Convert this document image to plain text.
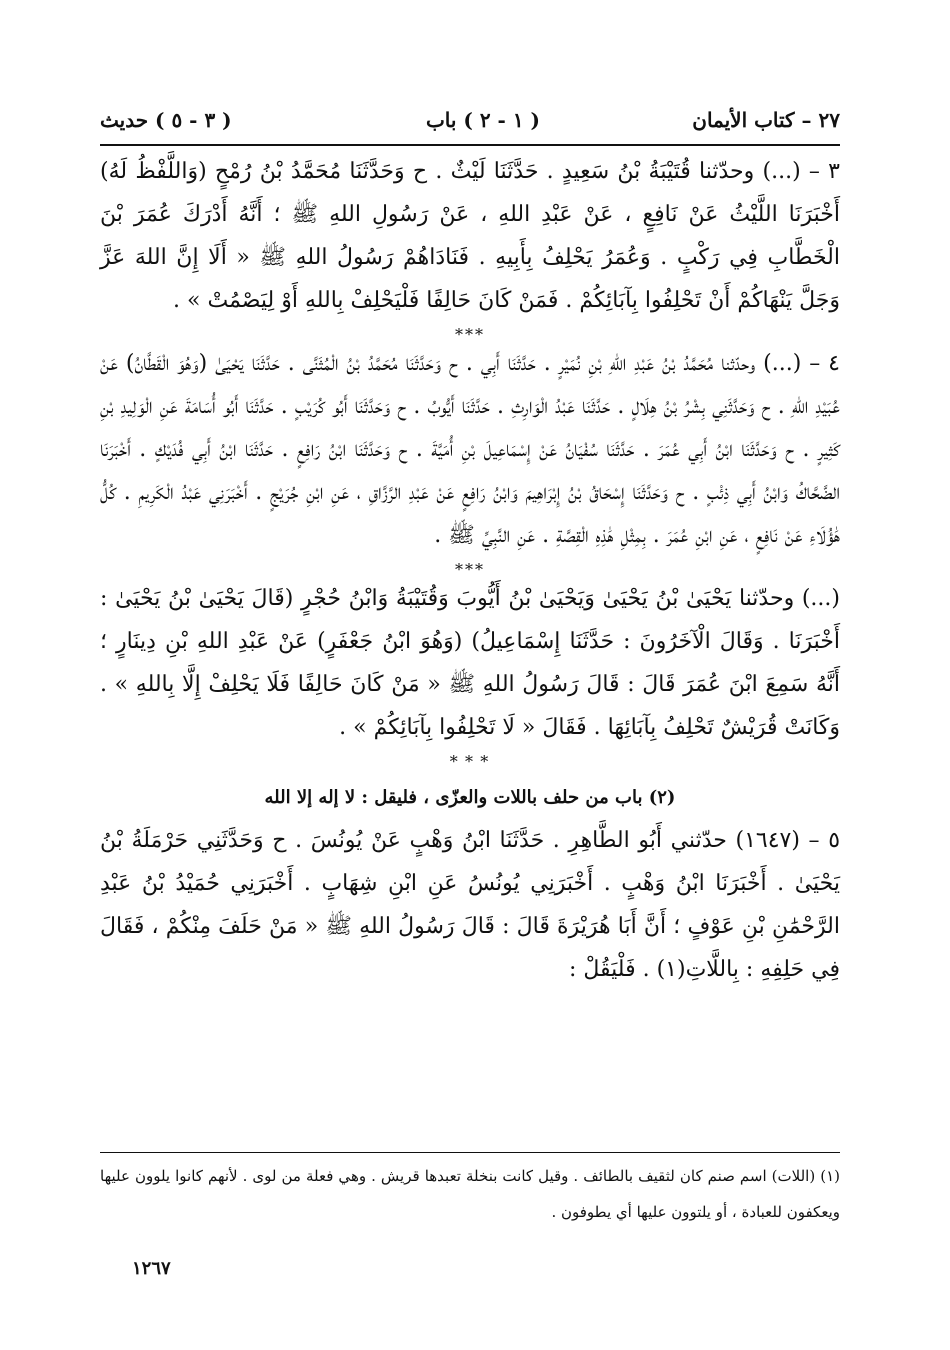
٢٧ – كتاب الأيمان
( ١ - ٢ ) باب
( ٣ - ٥ ) حديث

٣ – (...) وحدّثنا قُتَيْبَةُ بْنُ سَعِيدٍ . حَدَّثَنَا لَيْثٌ . ح وَحَدَّثَنَا مُحَمَّدُ بْنُ رُمْحٍ (وَاللَّفْظُ لَهُ) أَخْبَرَنَا اللَّيْثُ عَنْ نَافِعٍ ، عَنْ عَبْدِ اللهِ ، عَنْ رَسُولِ اللهِ ﷺ ؛ أَنَّهُ أَدْرَكَ عُمَرَ بْنَ الْخَطَّابِ فِي رَكْبٍ . وَعُمَرُ يَحْلِفُ بِأَبِيهِ . فَنَادَاهُمْ رَسُولُ اللهِ ﷺ « أَلَا إِنَّ اللهَ عَزَّ وَجَلَّ يَنْهَاكُمْ أَنْ تَحْلِفُوا بِآبَائِكُمْ . فَمَنْ كَانَ حَالِفًا فَلْيَحْلِفْ بِاللهِ أَوْ لِيَصْمُتْ » .

***

٤ – (...) وحدّثنا مُحَمَّدُ بْنُ عَبْدِ اللهِ بْنِ نُمَيْرٍ . حَدَّثَنَا أَبِي . ح وَحَدَّثَنَا مُحَمَّدُ بْنُ الْمُثَنَّى . حَدَّثَنَا يَحْيَىٰ (وَهُوَ الْقَطَّانُ) عَنْ عُبَيْدِ اللهِ . ح وَحَدَّثَنِي بِشْرُ بْنُ هِلَالٍ . حَدَّثَنَا عَبْدُ الْوَارِثِ . حَدَّثَنَا أَيُّوبُ . ح وَحَدَّثَنَا أَبُو كُرَيْبٍ . حَدَّثَنَا أَبُو أُسَامَةَ عَنِ الْوَلِيدِ بْنِ كَثِيرٍ . ح وَحَدَّثَنَا ابْنُ أَبِي عُمَرَ . حَدَّثَنَا سُفْيَانُ عَنْ إِسْمَاعِيلَ بْنِ أُمَيَّةَ . ح وَحَدَّثَنَا ابْنُ رَافِعٍ . حَدَّثَنَا ابْنُ أَبِي فُدَيْكٍ . أَخْبَرَنَا الضَّحَّاكُ وَابْنُ أَبِي ذِئْبٍ . ح وَحَدَّثَنَا إِسْحَاقُ بْنُ إِبْرَاهِيمَ وَابْنُ رَافِعٍ عَنْ عَبْدِ الرَّزَّاقِ ، عَنِ ابْنِ جُرَيْجٍ . أَخْبَرَنِي عَبْدُ الْكَرِيمِ . كُلُّ هَٰؤُلَاءِ عَنْ نَافِعٍ ، عَنِ ابْنِ عُمَرَ . بِمِثْلِ هَٰذِهِ الْقِصَّةِ . عَنِ النَّبِيِّ ﷺ .

***

(...) وحدّثنا يَحْيَىٰ بْنُ يَحْيَىٰ وَيَحْيَىٰ بْنُ أَيُّوبَ وَقُتَيْبَةُ وَابْنُ حُجْرٍ (قَالَ يَحْيَىٰ بْنُ يَحْيَىٰ : أَخْبَرَنَا . وَقَالَ الْآخَرُونَ : حَدَّثَنَا إِسْمَاعِيلُ) (وَهُوَ ابْنُ جَعْفَرٍ) عَنْ عَبْدِ اللهِ بْنِ دِينَارٍ ؛ أَنَّهُ سَمِعَ ابْنَ عُمَرَ قَالَ : قَالَ رَسُولُ اللهِ ﷺ « مَنْ كَانَ حَالِفًا فَلَا يَحْلِفْ إِلَّا بِاللهِ » . وَكَانَتْ قُرَيْشٌ تَحْلِفُ بِآبَائِهَا . فَقَالَ « لَا تَحْلِفُوا بِآبَائِكُمْ » .

* * *
(٢) باب من حلف باللات والعزّى ، فليقل : لا إله إلا الله

٥ – (١٦٤٧) حدّثني أَبُو الطَّاهِرِ . حَدَّثَنَا ابْنُ وَهْبٍ عَنْ يُونُسَ . ح وَحَدَّثَنِي حَرْمَلَةُ بْنُ يَحْيَىٰ . أَخْبَرَنَا ابْنُ وَهْبٍ . أَخْبَرَنِي يُونُسُ عَنِ ابْنِ شِهَابٍ . أَخْبَرَنِي حُمَيْدُ بْنُ عَبْدِ الرَّحْمَٰنِ بْنِ عَوْفٍ ؛ أَنَّ أَبَا هُرَيْرَةَ قَالَ : قَالَ رَسُولُ اللهِ ﷺ « مَنْ حَلَفَ مِنْكُمْ ، فَقَالَ فِي حَلِفِهِ : بِاللَّاتِ(١) . فَلْيَقُلْ :

(١) (اللات) اسم صنم كان لثقيف بالطائف . وقيل كانت بنخلة تعبدها قريش . وهي فعلة من لوى . لأنهم كانوا يلوون عليها ويعكفون للعبادة ، أو يلتوون عليها أي يطوفون .
١٢٦٧
